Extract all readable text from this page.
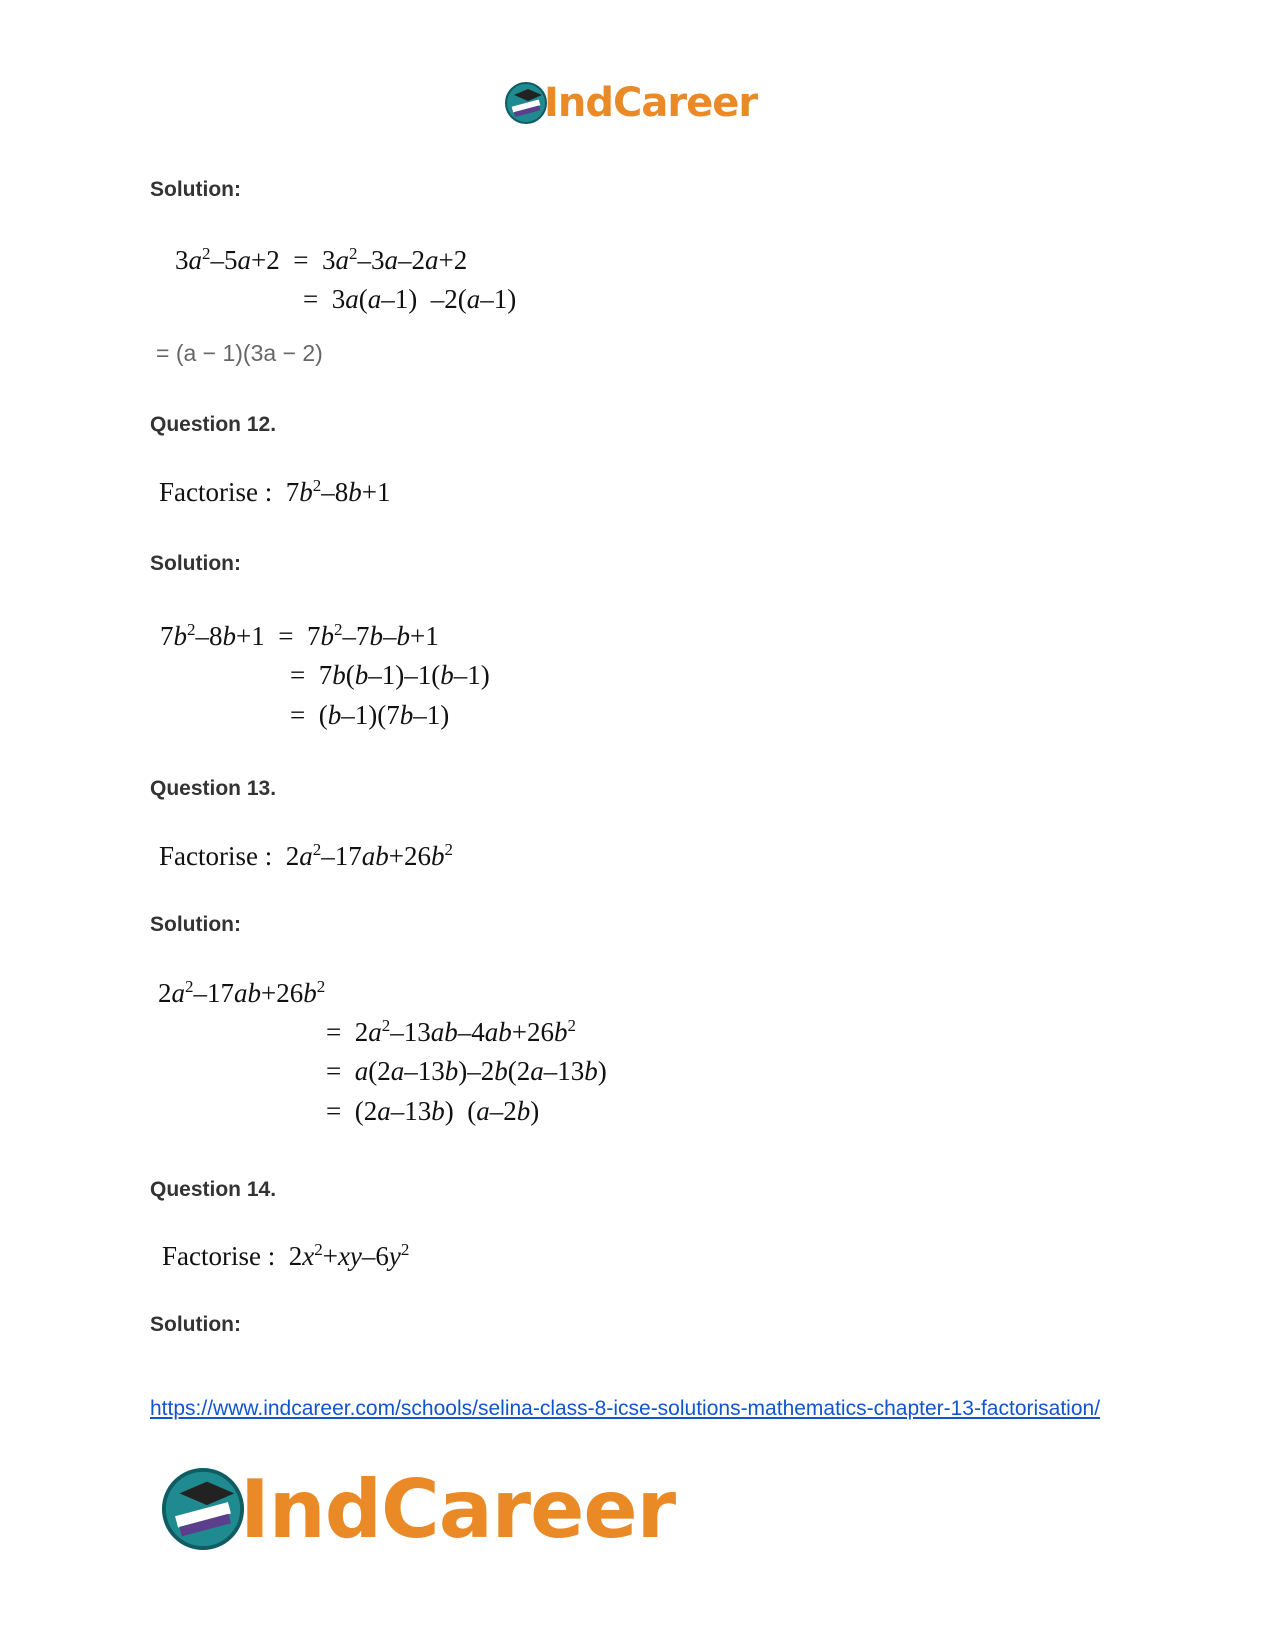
IndCareer
Solution:
$3a^2-5a+2 = 3a^2-3a-2a+2$
=  3a(a–1)  –2(a–1)
= (a − 1)(3a − 2)
Question 12.
Factorise :  $7b^2-8b+1$
Solution:
$7b^2-8b+1 = 7b^2-7b-b+1$
=  7b(b–1)–1(b–1)
=  (b–1)(7b–1)
Question 13.
Factorise :  $2a^2-17ab+26b^2$
Solution:
$2a^2-17ab+26b^2$
=  $2a^2-13ab-4ab+26b^2$
=  a(2a–13b)–2b(2a–13b)
=  (2a–13b)  (a–2b)
Question 14.
Factorise :  $2x^2+xy-6y^2$
Solution:
https://www.indcareer.com/schools/selina-class-8-icse-solutions-mathematics-chapter-13-factorisation/
IndCareer
